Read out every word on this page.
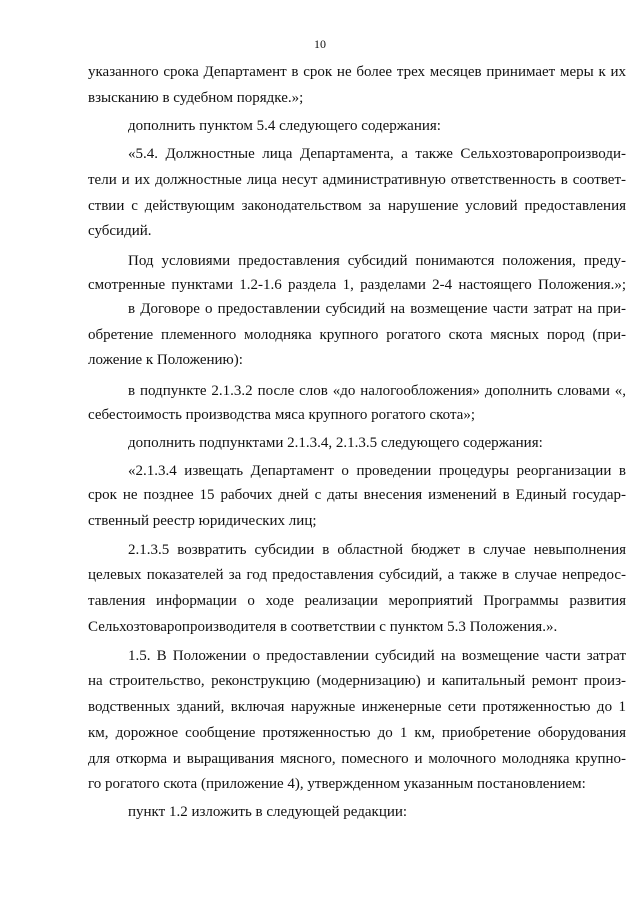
10
указанного срока Департамент в срок не более трех месяцев принимает меры к их
взысканию в судебном порядке.»;
дополнить пунктом 5.4 следующего содержания:
«5.4. Должностные лица Департамента, а также Сельхозтоваропроизводи-
тели и их должностные лица несут административную ответственность в соответ-
ствии с действующим законодательством за нарушение условий предоставления
субсидий.
Под условиями предоставления субсидий понимаются положения, преду-
смотренные пунктами 1.2-1.6 раздела 1, разделами 2-4 настоящего Положения.»;
в Договоре о предоставлении субсидий на возмещение части затрат на при-
обретение племенного молодняка крупного рогатого скота мясных пород (при-
ложение к Положению):
в подпункте 2.1.3.2 после слов «до налогообложения» дополнить словами «,
себестоимость производства мяса крупного рогатого скота»;
дополнить подпунктами 2.1.3.4, 2.1.3.5 следующего содержания:
«2.1.3.4 извещать Департамент о проведении процедуры реорганизации в
срок не позднее 15 рабочих дней с даты внесения изменений в Единый государ-
ственный реестр юридических лиц;
2.1.3.5 возвратить субсидии в областной бюджет в случае невыполнения
целевых показателей за год предоставления субсидий, а также в случае непредос-
тавления информации о ходе реализации мероприятий Программы развития
Сельхозтоваропроизводителя в соответствии с пунктом 5.3 Положения.».
1.5. В Положении о предоставлении субсидий на возмещение части затрат
на строительство, реконструкцию (модернизацию) и капитальный ремонт произ-
водственных зданий, включая наружные инженерные сети протяженностью до 1
км, дорожное сообщение протяженностью до 1 км, приобретение оборудования
для откорма и выращивания мясного, помесного и молочного молодняка крупно-
го рогатого скота (приложение 4), утвержденном указанным постановлением:
пункт 1.2 изложить в следующей редакции:
